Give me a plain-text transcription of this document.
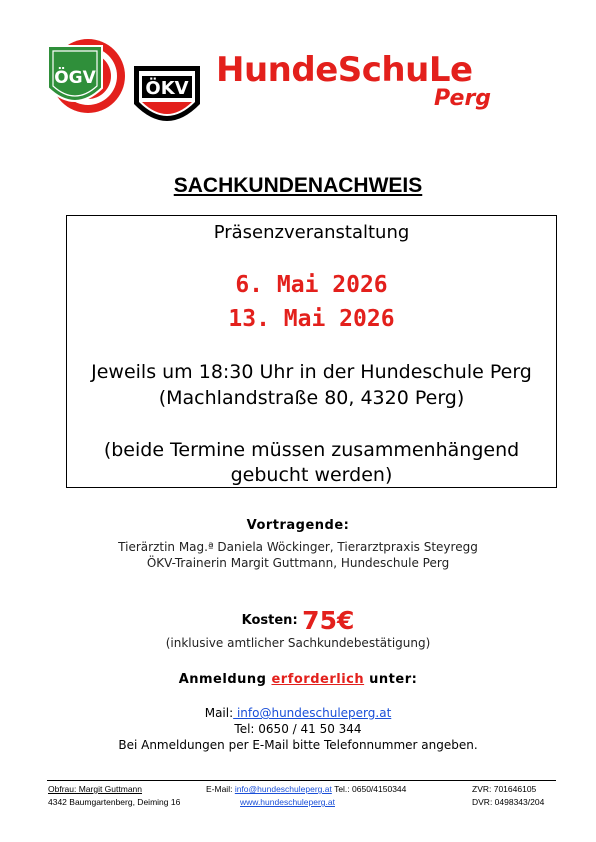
ÖGV	ÖKV HundeSchuLe
Perg
SACHKUNDENACHWEIS
Präsenzveranstaltung
6. Mai 2026
13. Mai 2026
Jeweils um 18:30 Uhr in der Hundeschule Perg
(Machlandstraße 80, 4320 Perg)
(beide Termine müssen zusammenhängend
gebucht werden)
Vortragende:
Tierärztin Mag.ª Daniela Wöckinger, Tierarztpraxis Steyregg
ÖKV-Trainerin Margit Guttmann, Hundeschule Perg
Kosten: 75€
(inklusive amtlicher Sachkundebestätigung)
Anmeldung erforderlich unter:
Mail: info@hundeschuleperg.at
Tel: 0650 / 41 50 344
Bei Anmeldungen per E-Mail bitte Telefonnummer angeben.
Obfrau: Margit Guttmann
4342 Baumgartenberg, Deiming 16
E-Mail: info@hundeschuleperg.at Tel.: 0650/4150344
www.hundeschuleperg.at
ZVR: 701646105
DVR: 0498343/204
